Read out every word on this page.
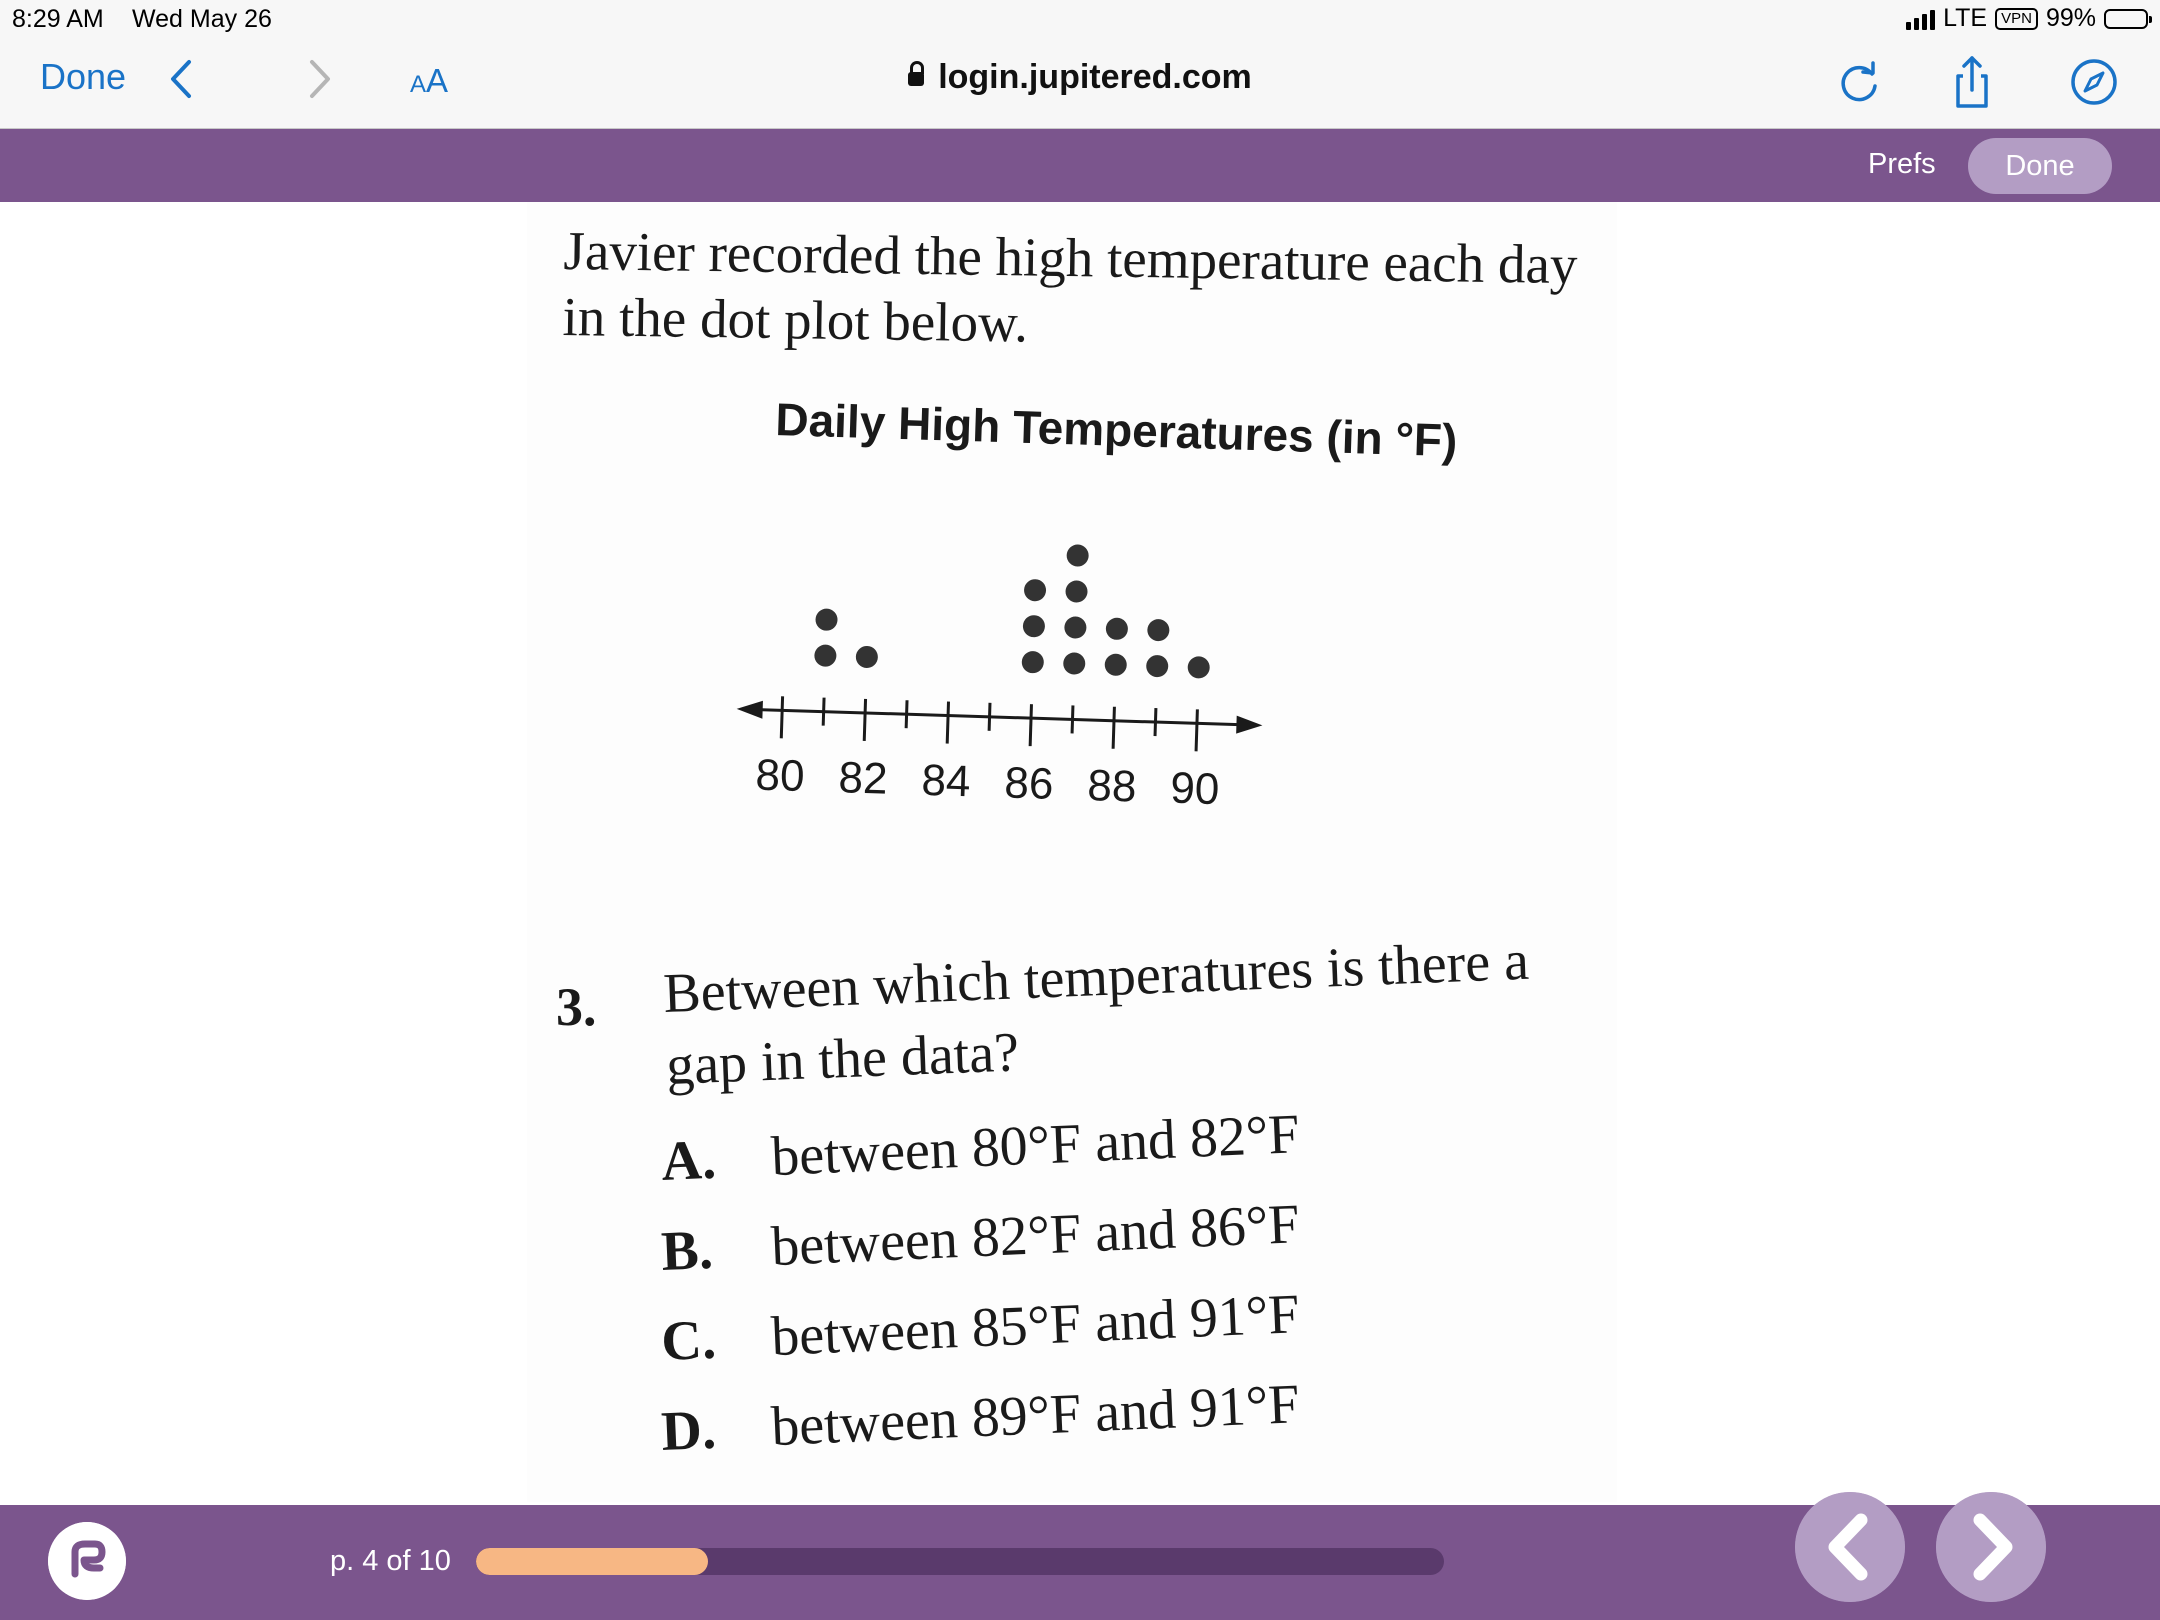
8:29 AM Wed May 26	LTE VPN 99%
Done	AA	login.jupitered.com
Prefs	Done
Javier recorded the high temperature each day in the dot plot below.
Daily High Temperatures (in °F)
80 82 84 86 88 90
3. Between which temperatures is there a gap in the data?
A. between 80°F and 82°F
B. between 82°F and 86°F
C. between 85°F and 91°F
D. between 89°F and 91°F
p. 4 of 10
